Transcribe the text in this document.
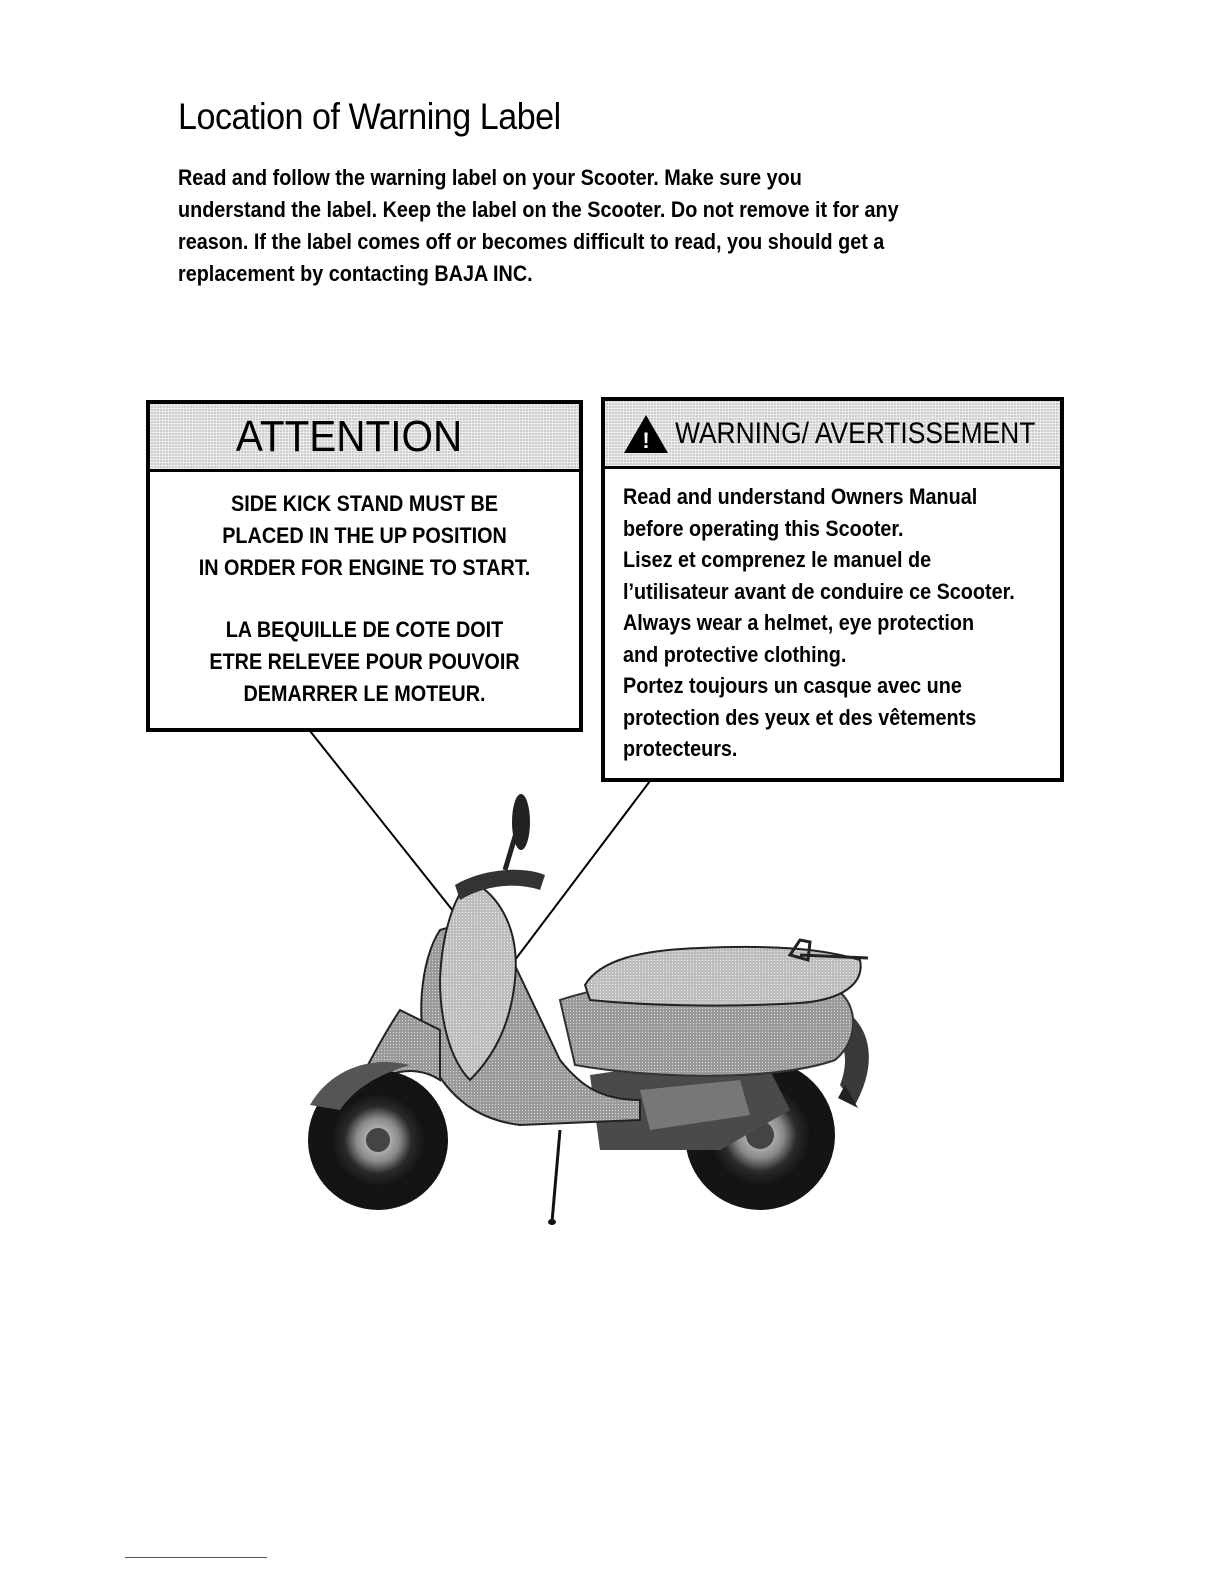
Location of Warning Label

Read and follow the warning label on your Scooter. Make sure you
understand the label. Keep the label on the Scooter. Do not remove it for any
reason. If the label comes off or becomes difficult to read, you should get a
replacement by contacting BAJA INC.

ATTENTION
SIDE KICK STAND MUST BE
PLACED IN THE UP POSITION
IN ORDER FOR ENGINE TO START.
LA BEQUILLE DE COTE DOIT
ETRE RELEVEE POUR POUVOIR
DEMARRER LE MOTEUR.
! WARNING/ AVERTISSEMENT
Read and understand Owners Manual
before operating this Scooter.
Lisez et comprenez le manuel de
l’utilisateur avant de conduire ce Scooter.
Always wear a helmet, eye protection
and protective clothing.
Portez toujours un casque avec une
protection des yeux et des vêtements
protecteurs.
